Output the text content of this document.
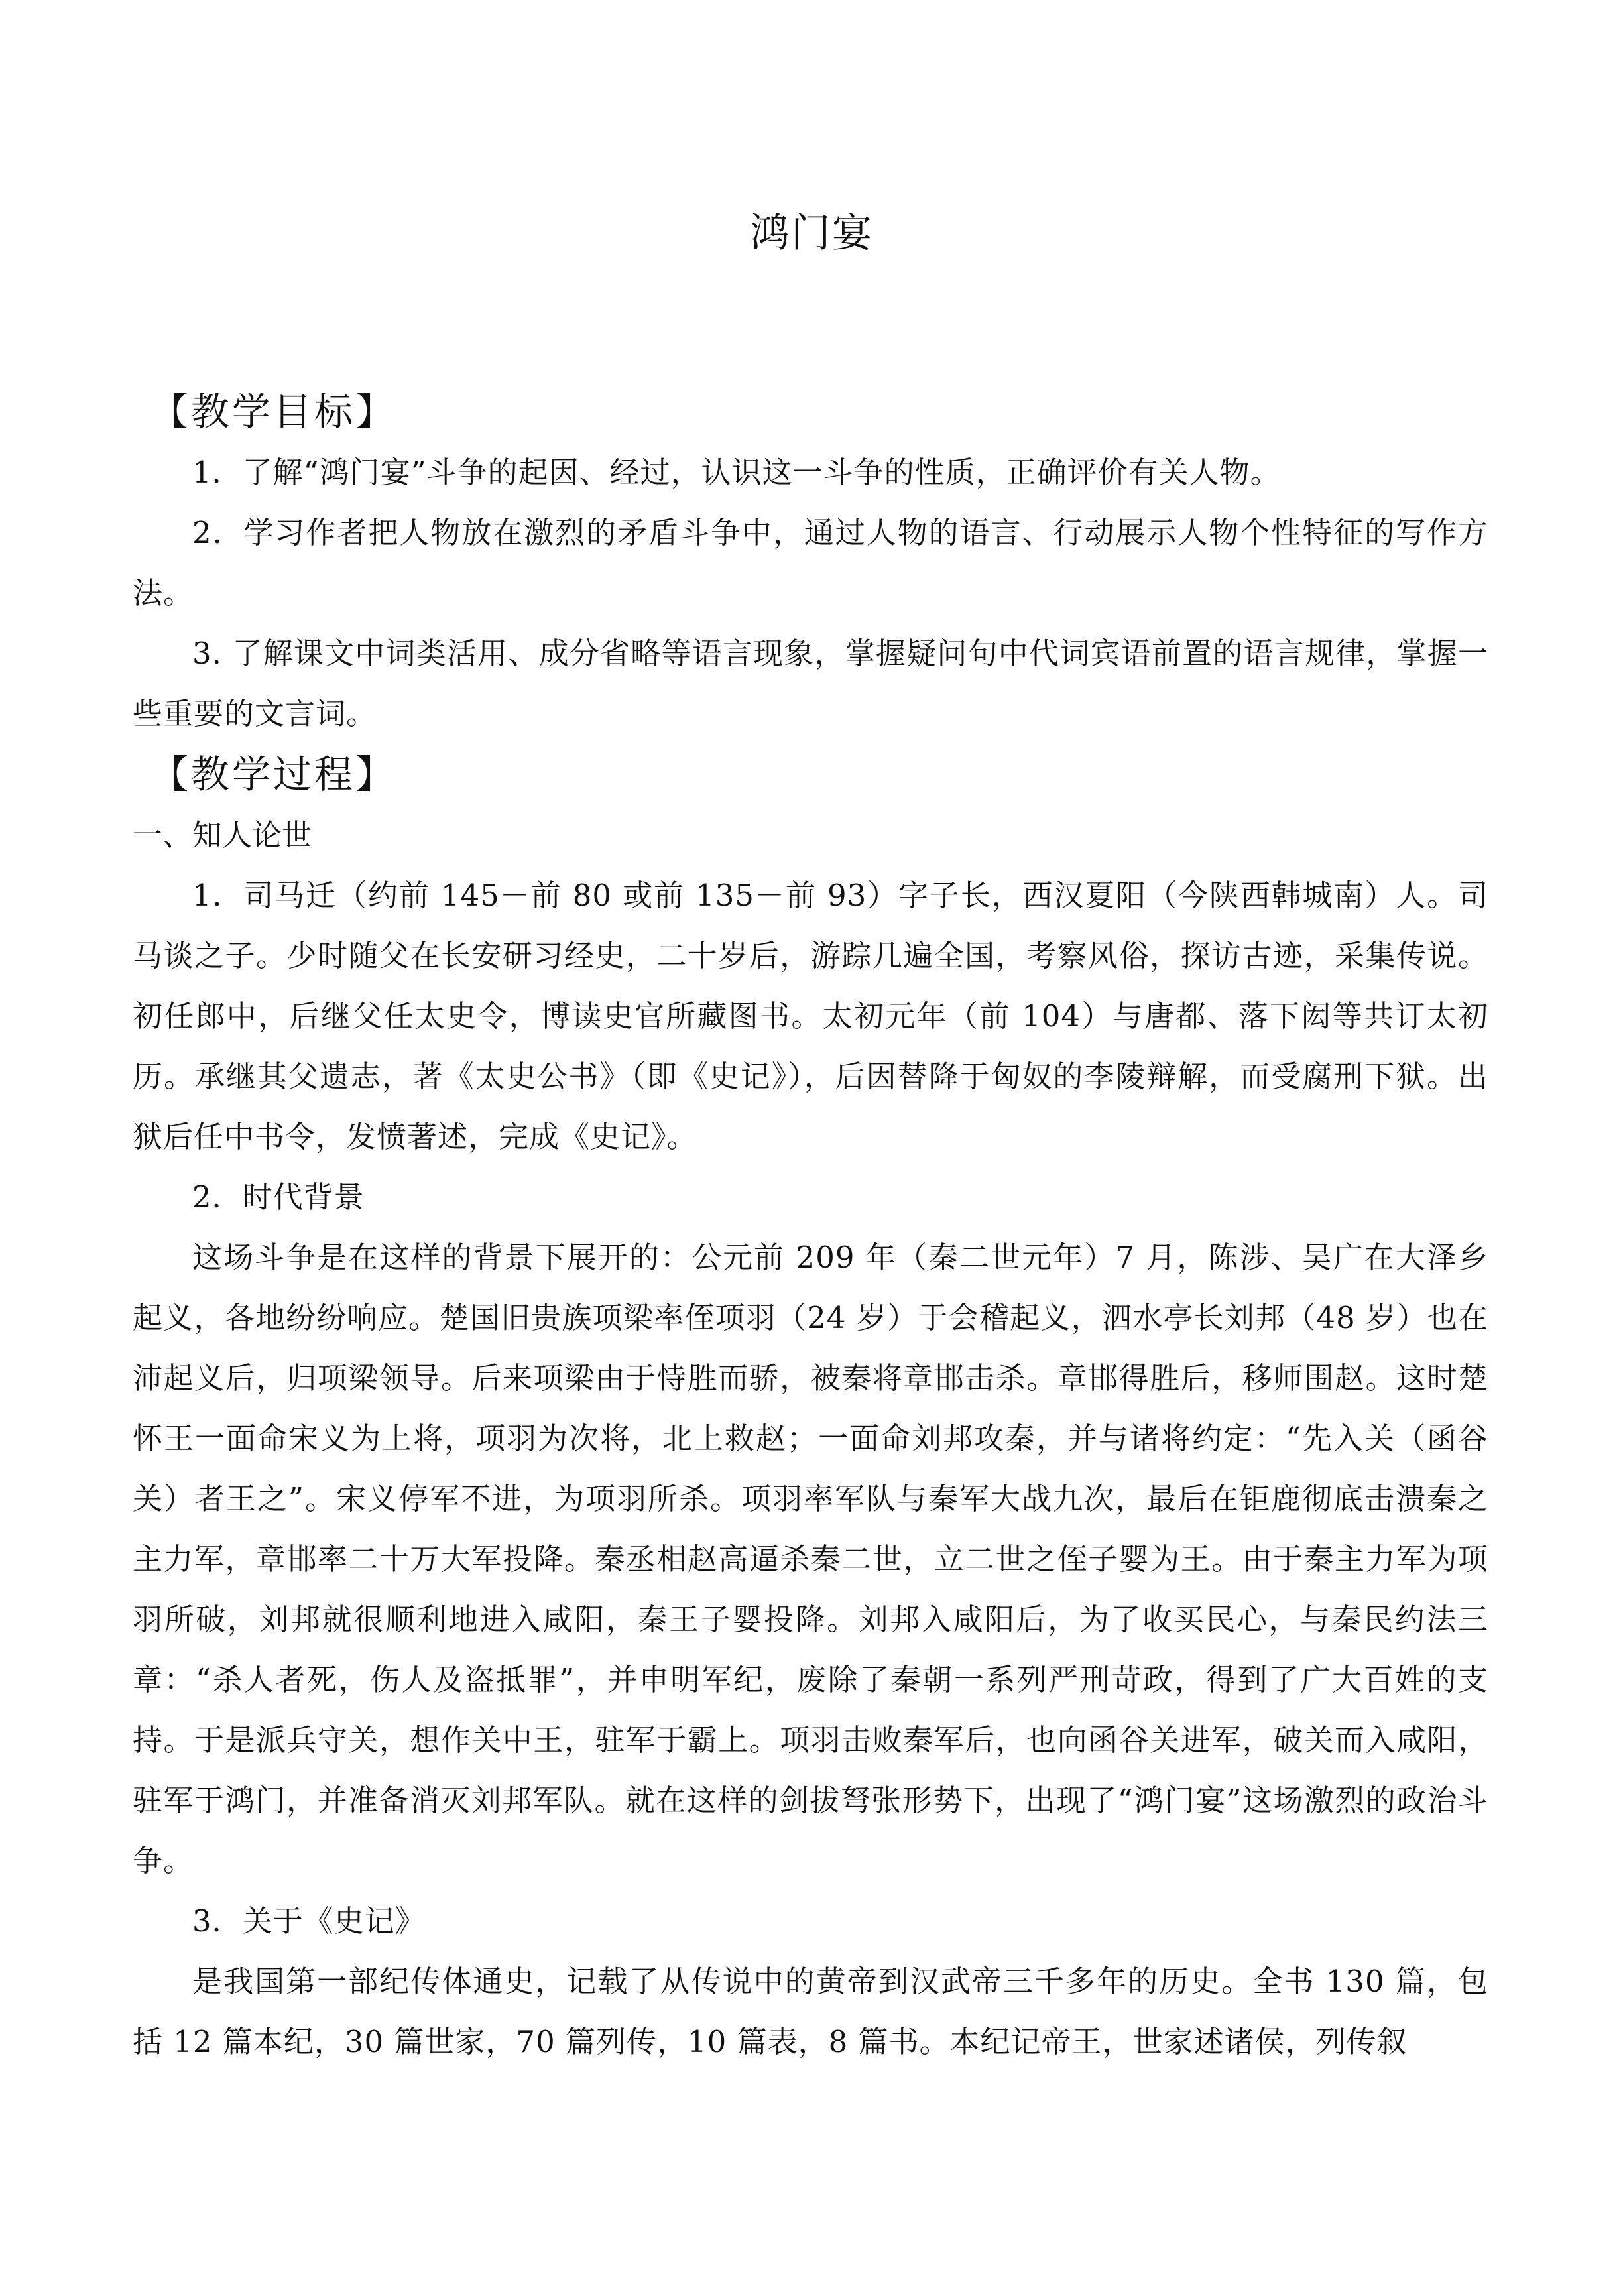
鸿门宴
【教学目标】

1．了解“鸿门宴”斗争的起因、经过，认识这一斗争的性质，正确评价有关人物。

2．学习作者把人物放在激烈的矛盾斗争中，通过人物的语言、行动展示人物个性特征的写作方法。

3. 了解课文中词类活用、成分省略等语言现象，掌握疑问句中代词宾语前置的语言规律，掌握一些重要的文言词。

【教学过程】

一、知人论世

1．司马迁（约前 145－前 80 或前 135－前 93）字子长，西汉夏阳（今陕西韩城南）人。司马谈之子。少时随父在长安研习经史，二十岁后，游踪几遍全国，考察风俗，探访古迹，采集传说。初任郎中，后继父任太史令，博读史官所藏图书。太初元年（前 104）与唐都、落下闳等共订太初历。承继其父遗志，著《太史公书》（即《史记》），后因替降于匈奴的李陵辩解，而受腐刑下狱。出狱后任中书令，发愤著述，完成《史记》。

2．时代背景

这场斗争是在这样的背景下展开的：公元前 209 年（秦二世元年）7 月，陈涉、吴广在大泽乡起义，各地纷纷响应。楚国旧贵族项梁率侄项羽（24 岁）于会稽起义，泗水亭长刘邦（48 岁）也在沛起义后，归项梁领导。后来项梁由于恃胜而骄，被秦将章邯击杀。章邯得胜后，移师围赵。这时楚怀王一面命宋义为上将，项羽为次将，北上救赵；一面命刘邦攻秦，并与诸将约定：“先入关（函谷关）者王之”。宋义停军不进，为项羽所杀。项羽率军队与秦军大战九次，最后在钜鹿彻底击溃秦之主力军，章邯率二十万大军投降。秦丞相赵高逼杀秦二世，立二世之侄子婴为王。由于秦主力军为项羽所破，刘邦就很顺利地进入咸阳，秦王子婴投降。刘邦入咸阳后，为了收买民心，与秦民约法三章：“杀人者死，伤人及盗抵罪”，并申明军纪，废除了秦朝一系列严刑苛政，得到了广大百姓的支持。于是派兵守关，想作关中王，驻军于霸上。项羽击败秦军后，也向函谷关进军，破关而入咸阳，驻军于鸿门，并准备消灭刘邦军队。就在这样的剑拔弩张形势下，出现了“鸿门宴”这场激烈的政治斗争。

3．关于《史记》

是我国第一部纪传体通史，记载了从传说中的黄帝到汉武帝三千多年的历史。全书 130 篇，包括 12 篇本纪，30 篇世家，70 篇列传，10 篇表，8 篇书。本纪记帝王，世家述诸侯，列传叙
